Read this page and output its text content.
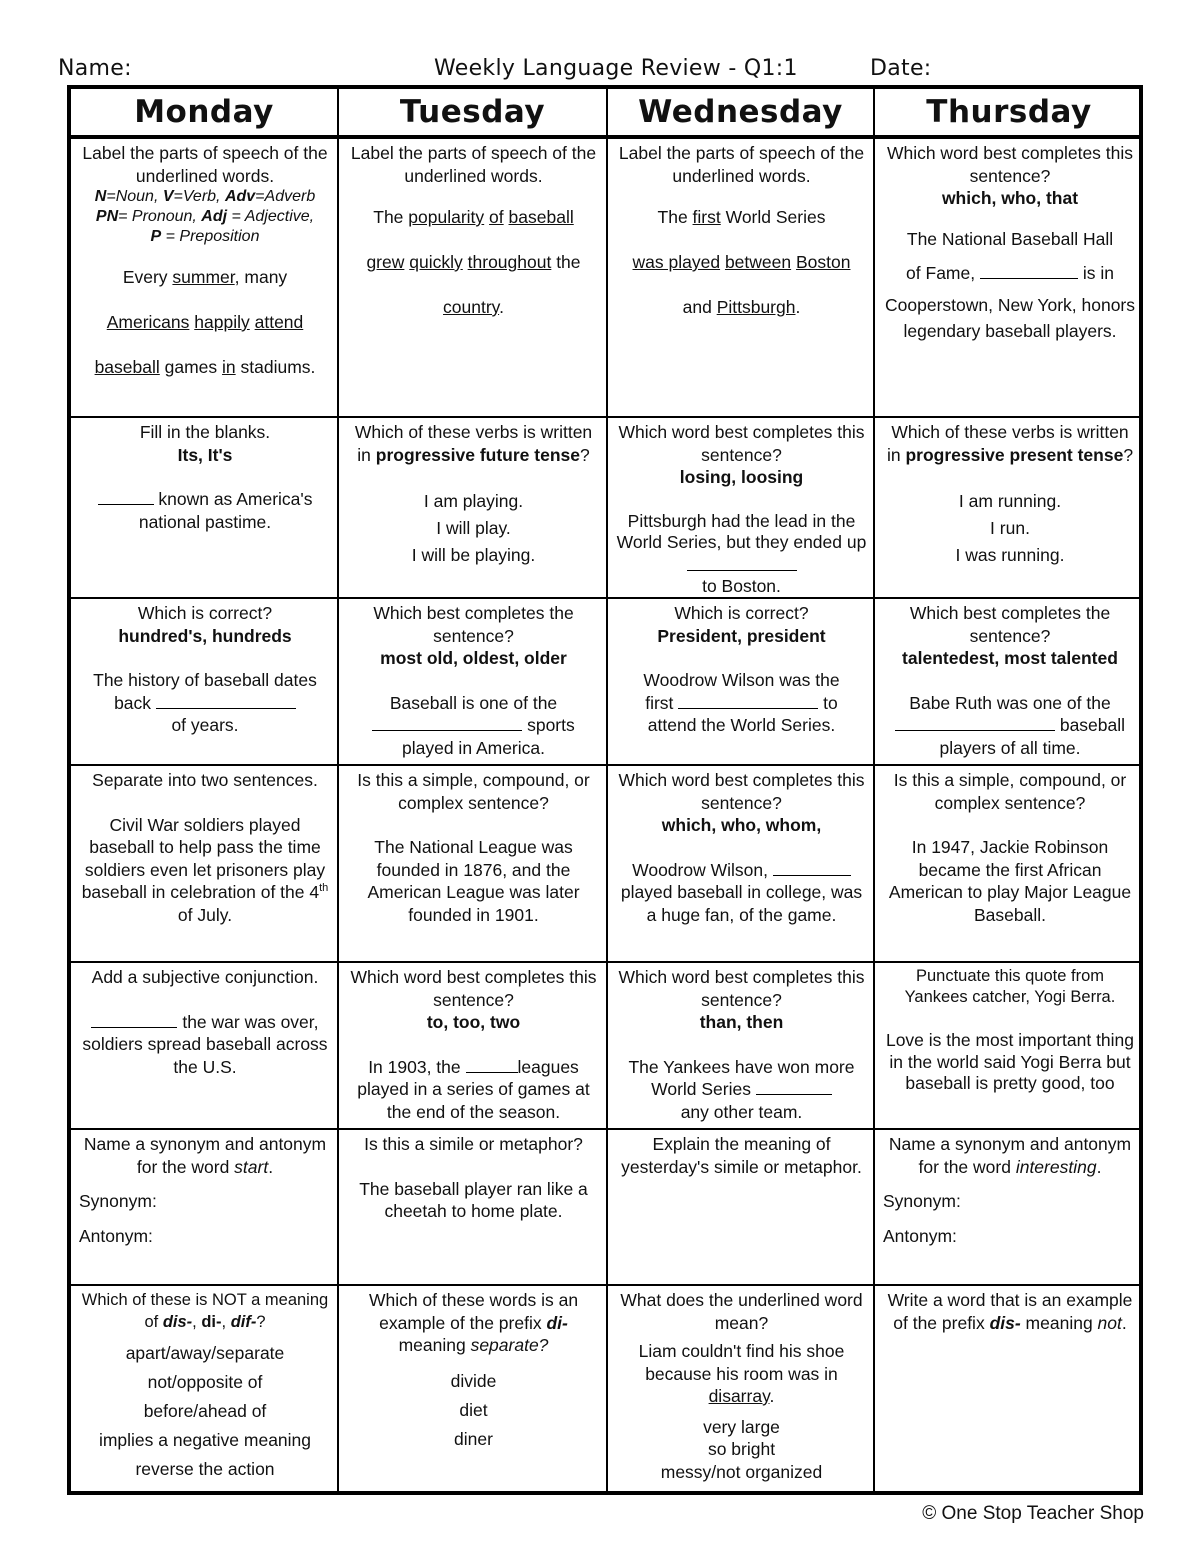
Name:	Weekly Language Review - Q1:1	Date:
Monday	Tuesday	Wednesday	Thursday

Label the parts of speech of the underlined words.

N=Noun, V=Verb, Adv=Adverb
PN= Pronoun, Adj = Adjective,
P = Preposition

Every summer, many
Americans happily attend
baseball games in stadiums.

Label the parts of speech of the underlined words.

The popularity of baseball
grew quickly throughout the
country.

Label the parts of speech of the underlined words.

The first World Series
was played between Boston
and Pittsburgh.

Which word best completes this sentence?

which, who, that

The National Baseball Hall
of Fame,	is in

Cooperstown, New York, honors legendary baseball players.

Fill in the blanks.

Its, It's

known as America's national pastime.

Which of these verbs is written in progressive future tense?

I am playing.

I will play.

I will be playing.

Which word best completes this sentence?

losing, loosing

Pittsburgh had the lead in the World Series, but they ended up
to Boston.

Which of these verbs is written in progressive present tense?

I am running.

I run.

I was running.

Which is correct?

hundred's, hundreds

The history of baseball dates back
of years.

Which best completes the sentence?

most old, oldest, older

Baseball is one of the
sports
played in America.

Which is correct?

President, president

Woodrow Wilson was the
first	to
attend the World Series.

Which best completes the sentence?

talentedest, most talented

Babe Ruth was one of the
baseball
players of all time.

Separate into two sentences.

Civil War soldiers played baseball to help pass the time soldiers even let prisoners play baseball in celebration of the 4th of July.

Is this a simple, compound, or complex sentence?

The National League was founded in 1876, and the American League was later founded in 1901.

Which word best completes this sentence?

which, who, whom,

Woodrow Wilson,  played baseball in college, was a huge fan, of the game.

Is this a simple, compound, or complex sentence?

In 1947, Jackie Robinson became the first African American to play Major League Baseball.

Add a subjective conjunction.

the war was over, soldiers spread baseball across the U.S.

Which word best completes this sentence?

to, too, two

In 1903, the	leagues played in a series of games at the end of the season.

Which word best completes this sentence?

than, then

The Yankees have won more World Series
any other team.

Punctuate this quote from Yankees catcher, Yogi Berra.

Love is the most important thing in the world said Yogi Berra but baseball is pretty good, too

Name a synonym and antonym for the word start.

Synonym:

Antonym:

Is this a simile or metaphor?

The baseball player ran like a cheetah to home plate.

Explain the meaning of yesterday's simile or metaphor.

Name a synonym and antonym for the word interesting.

Synonym:

Antonym:

Which of these is NOT a meaning of dis-, di-, dif-?

apart/away/separate

not/opposite of

before/ahead of

implies a negative meaning

reverse the action

Which of these words is an example of the prefix di- meaning separate?

divide

diet

diner

What does the underlined word mean?

Liam couldn't find his shoe because his room was in disarray.

very large

so bright

messy/not organized

Write a word that is an example of the prefix dis- meaning not.

© One Stop Teacher Shop
